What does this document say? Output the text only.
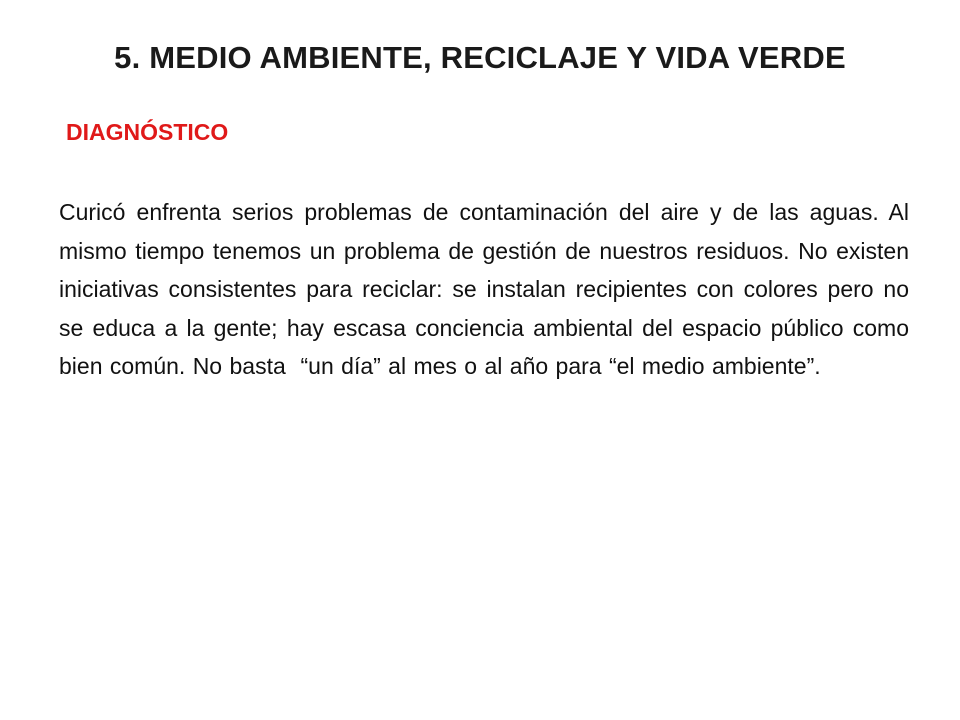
5. MEDIO AMBIENTE, RECICLAJE Y VIDA VERDE
DIAGNÓSTICO
Curicó enfrenta serios problemas de contaminación del aire y de las aguas. Al mismo tiempo tenemos un problema de gestión de nuestros residuos. No existen iniciativas consistentes para reciclar: se instalan recipientes con colores pero no se educa a la gente; hay escasa conciencia ambiental del espacio público como bien común. No basta  “un día” al mes o al año para “el medio ambiente”.
